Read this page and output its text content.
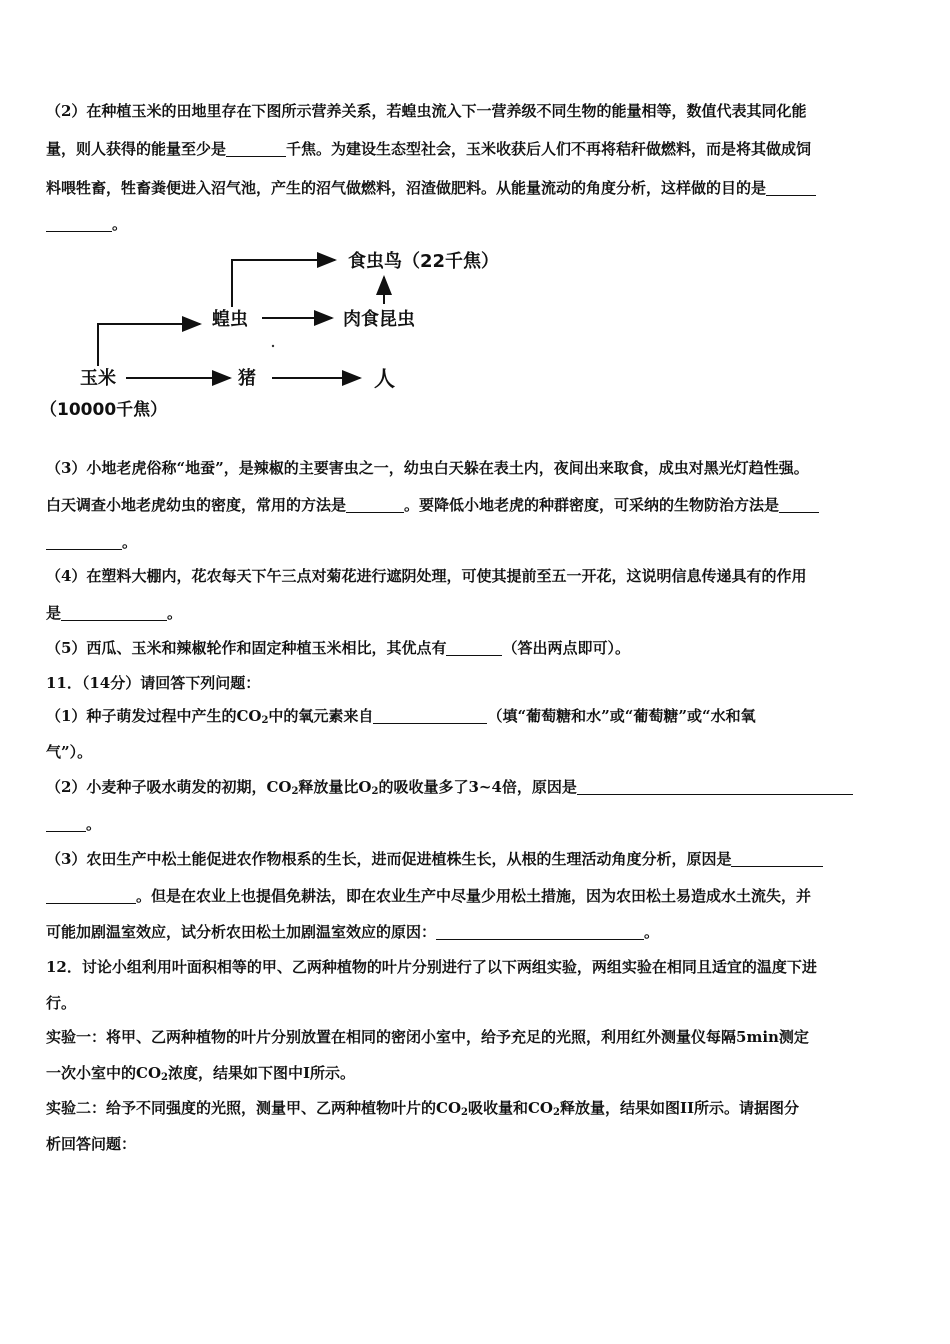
（2）在种植玉米的田地里存在下图所示营养关系，若蝗虫流入下一营养级不同生物的能量相等，数值代表其同化能
量，则人获得的能量至少是	千焦。为建设生态型社会，玉米收获后人们不再将秸秆做燃料，而是将其做成饲
料喂牲畜，牲畜粪便进入沼气池，产生的沼气做燃料，沼渣做肥料。从能量流动的角度分析，这样做的目的是
。
食虫鸟（22千焦）
蝗虫	肉食昆虫
玉米
（10000千焦）
猪	人
（3）小地老虎俗称“地蚕”，是辣椒的主要害虫之一，幼虫白天躲在表土内，夜间出来取食，成虫对黑光灯趋性强。
白天调查小地老虎幼虫的密度，常用的方法是	。要降低小地老虎的种群密度，可采纳的生物防治方法是
。
（4）在塑料大棚内，花农每天下午三点对菊花进行遮阴处理，可使其提前至五一开花，这说明信息传递具有的作用
是	。
（5）西瓜、玉米和辣椒轮作和固定种植玉米相比，其优点有	（答出两点即可）。
11．（14分）请回答下列问题：
（1）种子萌发过程中产生的$CO_2$中的氧元素来自	（填“葡萄糖和水”或“葡萄糖”或“水和氧
气”）。
（2）小麦种子吸水萌发的初期，$CO_2$释放量比$O_2$的吸收量多了3~4倍，原因是
。
（3）农田生产中松土能促进农作物根系的生长，进而促进植株生长，从根的生理活动角度分析，原因是
。但是在农业上也提倡免耕法，即在农业生产中尽量少用松土措施，因为农田松土易造成水土流失，并
可能加剧温室效应，试分析农田松土加剧温室效应的原因：	。
12．讨论小组利用叶面积相等的甲、乙两种植物的叶片分别进行了以下两组实验，两组实验在相同且适宜的温度下进
行。
实验一：将甲、乙两种植物的叶片分别放置在相同的密闭小室中，给予充足的光照，利用红外测量仪每隔5min测定
一次小室中的$CO_2$浓度，结果如下图中I所示。
实验二：给予不同强度的光照，测量甲、乙两种植物叶片的$CO_2$吸收量和$CO_2$释放量，结果如图II所示。请据图分
析回答问题：
